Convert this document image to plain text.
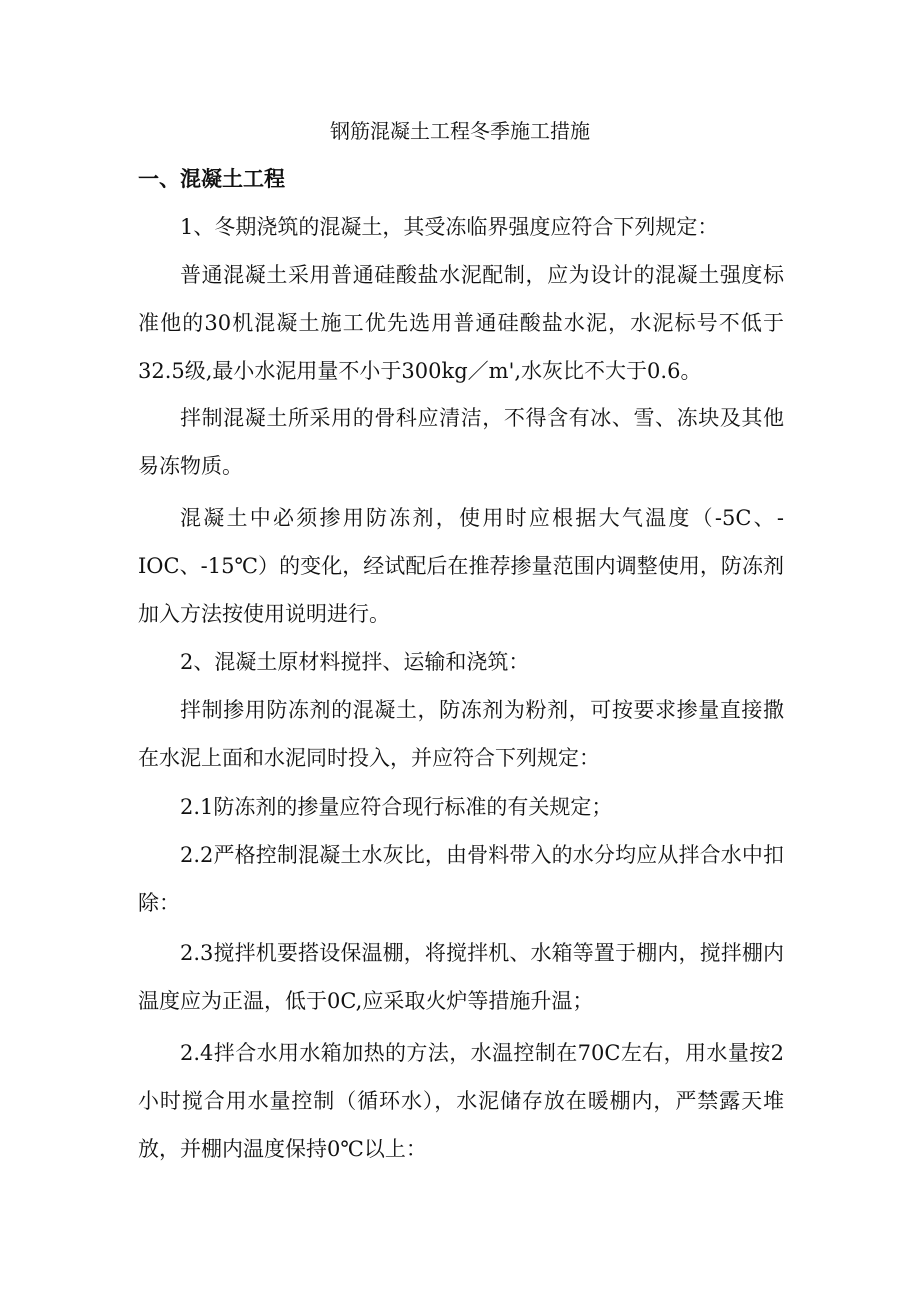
钢筋混凝土工程冬季施工措施
一、混凝土工程

1、冬期浇筑的混凝土，其受冻临界强度应符合下列规定：

普通混凝土采用普通硅酸盐水泥配制，应为设计的混凝土强度标准他的30机混凝土施工优先选用普通硅酸盐水泥，水泥标号不低于32.5级,最小水泥用量不小于300kg／m',水灰比不大于0.6。

拌制混凝土所采用的骨科应清洁，不得含有冰、雪、冻块及其他易冻物质。

混凝土中必须掺用防冻剂，使用时应根据大气温度（-5C、-IOC、-15℃）的变化，经试配后在推荐掺量范围内调整使用，防冻剂加入方法按使用说明进行。

2、混凝土原材料搅拌、运输和浇筑：

拌制掺用防冻剂的混凝土，防冻剂为粉剂，可按要求掺量直接撒在水泥上面和水泥同时投入，并应符合下列规定：

2.1防冻剂的掺量应符合现行标准的有关规定；

2.2严格控制混凝土水灰比，由骨料带入的水分均应从拌合水中扣除：

2.3搅拌机要搭设保温棚，将搅拌机、水箱等置于棚内，搅拌棚内温度应为正温，低于0C,应采取火炉等措施升温；

2.4拌合水用水箱加热的方法，水温控制在70C左右，用水量按2小时搅合用水量控制（循环水），水泥储存放在暖棚内，严禁露天堆放，并棚内温度保持0℃以上：
